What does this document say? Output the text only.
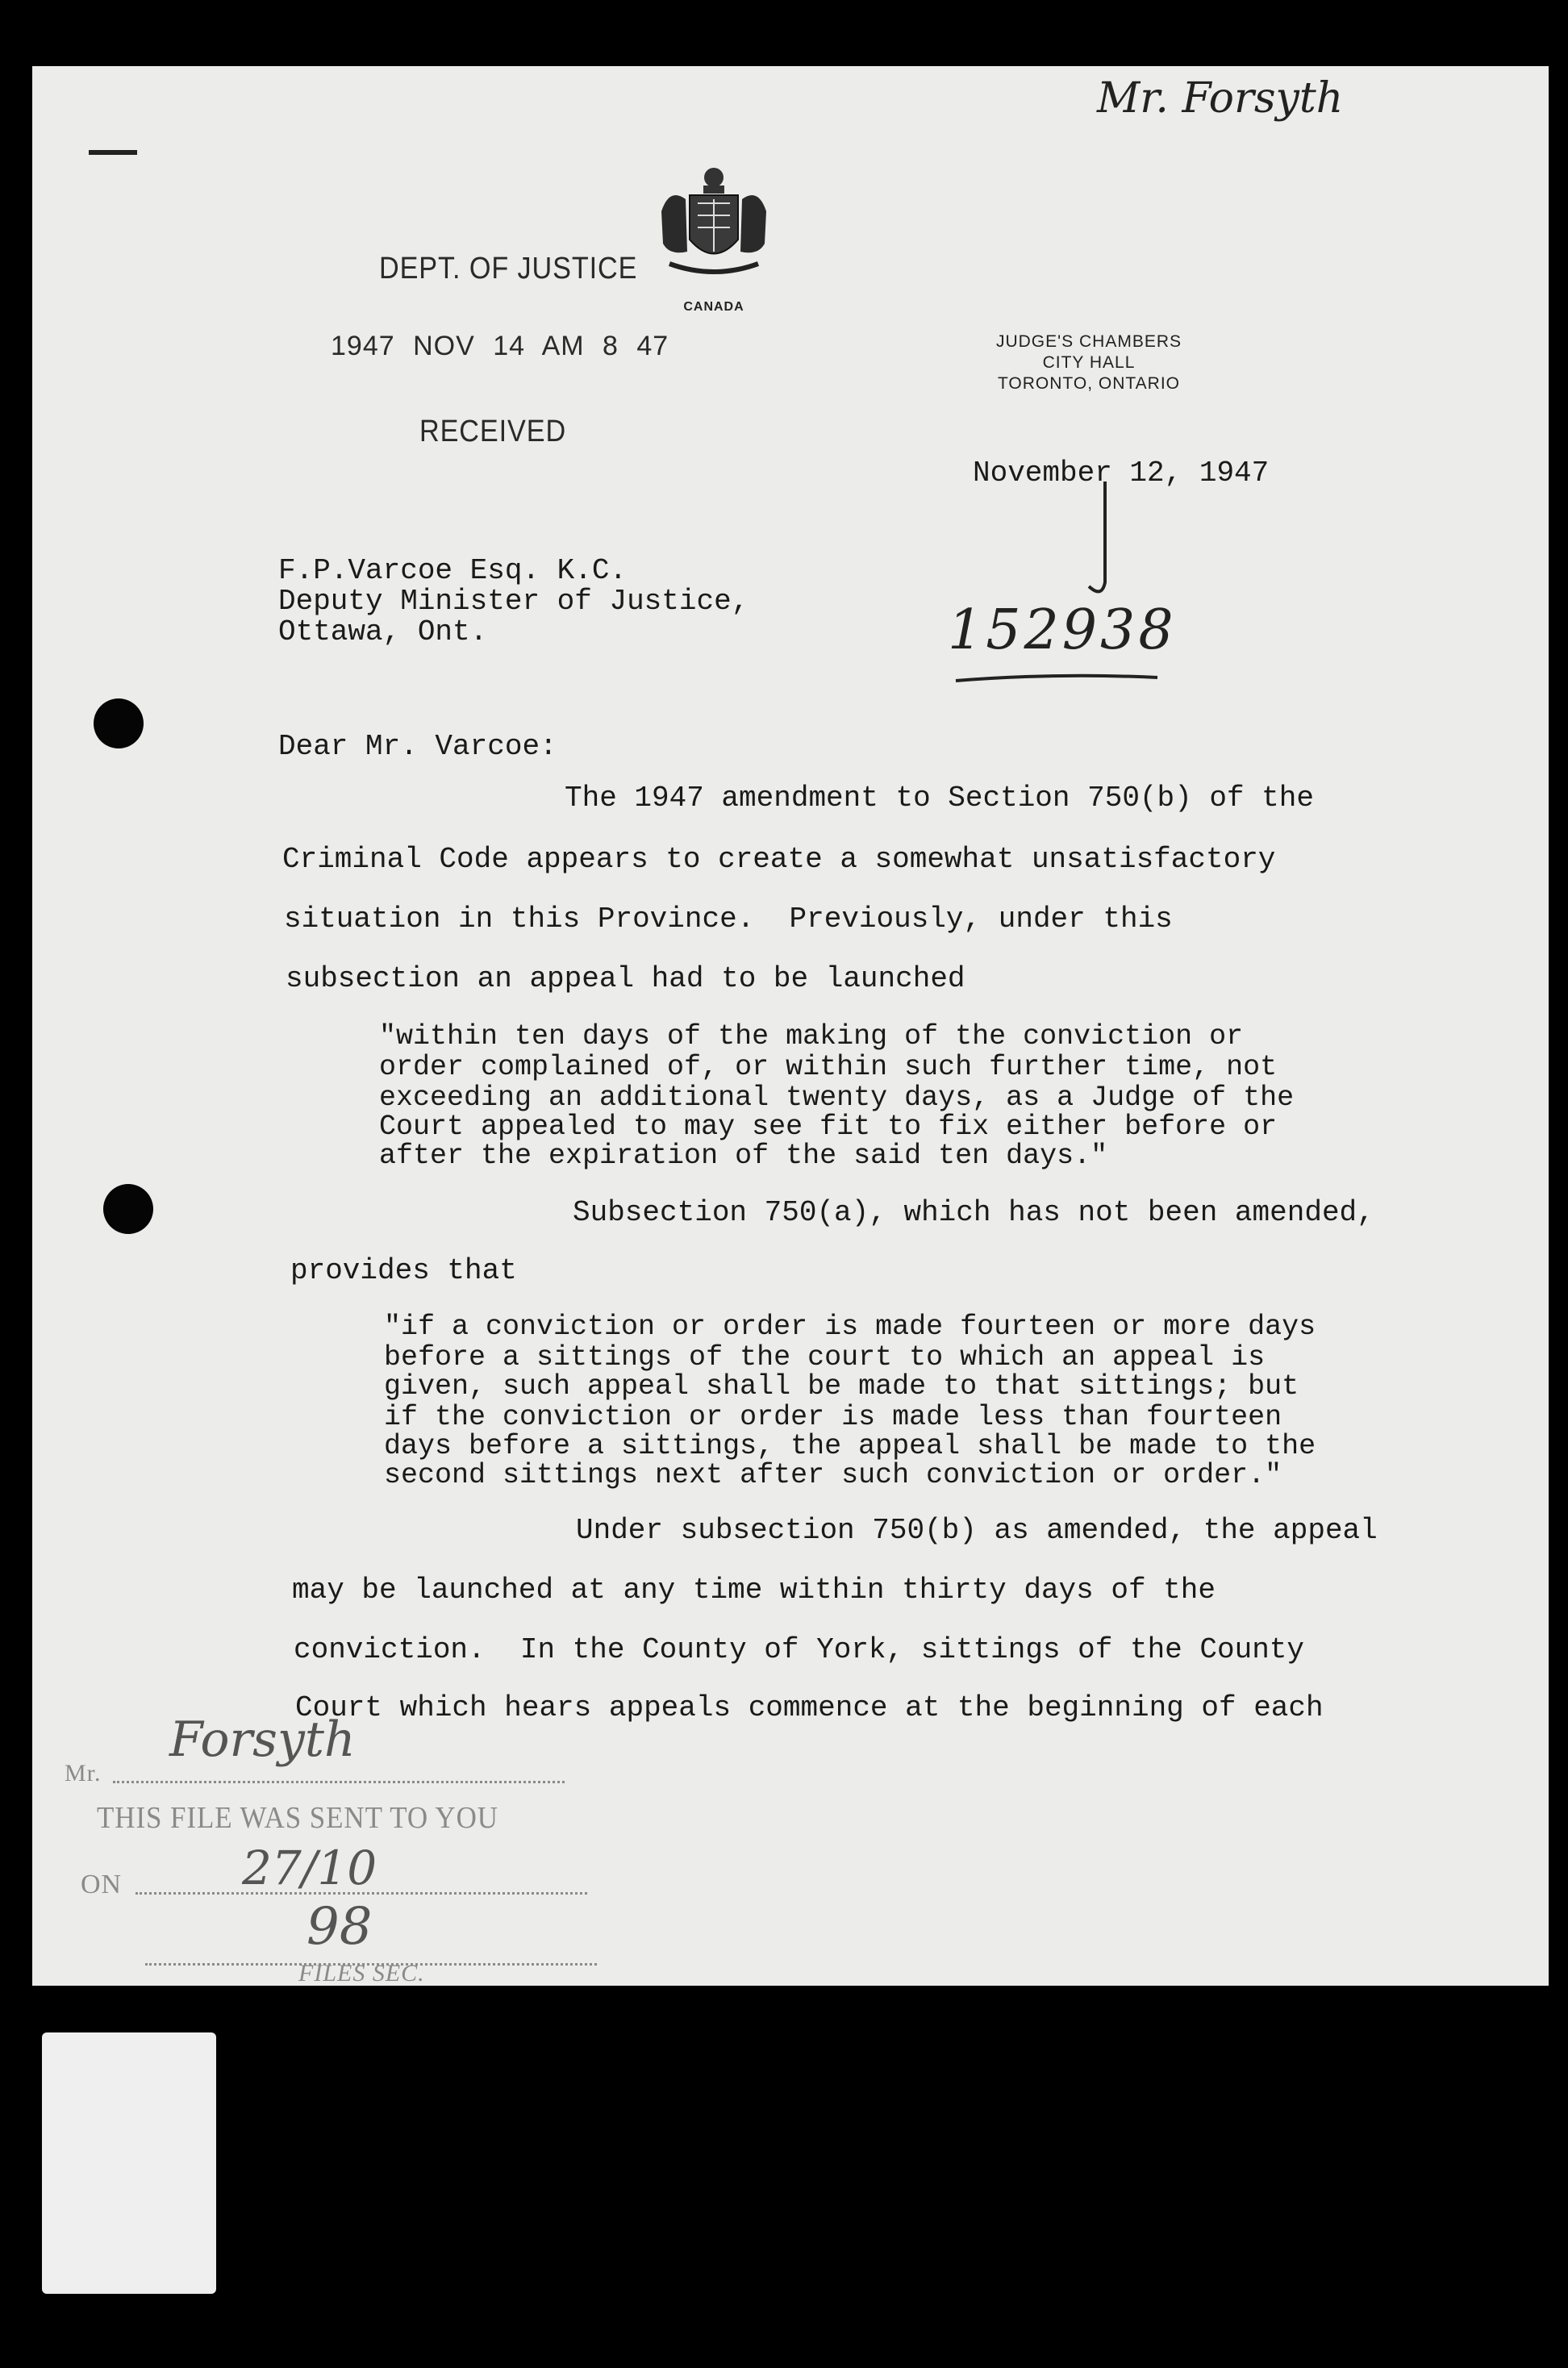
Mr. Forsyth
DEPT. OF JUSTICE
1947 NOV 14 AM 8 47
RECEIVED
CANADA
JUDGE'S CHAMBERS
CITY HALL
TORONTO, ONTARIO
November 12, 1947
152938
F.P.Varcoe Esq. K.C.
Deputy Minister of Justice,
Ottawa, Ont.
Dear Mr. Varcoe:
The 1947 amendment to Section 750(b) of the
Criminal Code appears to create a somewhat unsatisfactory
situation in this Province.  Previously, under this
subsection an appeal had to be launched
"within ten days of the making of the conviction or
order complained of, or within such further time, not
exceeding an additional twenty days, as a Judge of the
Court appealed to may see fit to fix either before or
after the expiration of the said ten days."
Subsection 750(a), which has not been amended,
provides that
"if a conviction or order is made fourteen or more days
before a sittings of the court to which an appeal is
given, such appeal shall be made to that sittings; but
if the conviction or order is made less than fourteen
days before a sittings, the appeal shall be made to the
second sittings next after such conviction or order."
Under subsection 750(b) as amended, the appeal
may be launched at any time within thirty days of the
conviction.  In the County of York, sittings of the County
Court which hears appeals commence at the beginning of each
Mr.
Forsyth
THIS FILE WAS SENT TO YOU
ON	27/10
98
FILES SEC.
